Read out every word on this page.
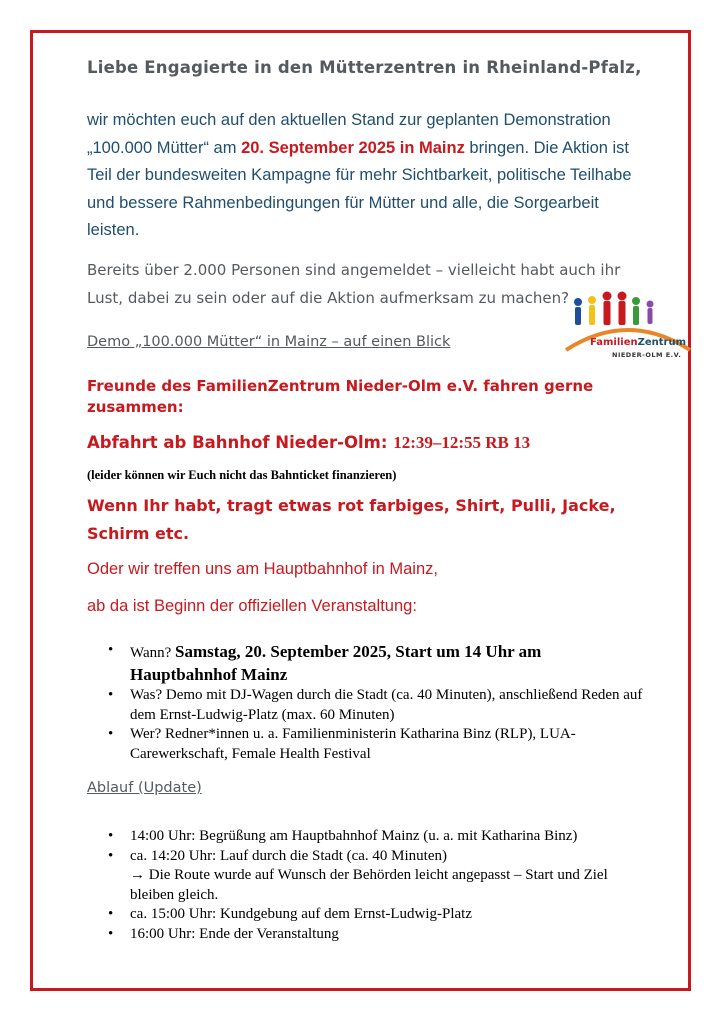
Liebe Engagierte in den Mütterzentren in Rheinland-Pfalz,
wir möchten euch auf den aktuellen Stand zur geplanten Demonstration „100.000 Mütter“ am 20. September 2025 in Mainz bringen. Die Aktion ist Teil der bundesweiten Kampagne für mehr Sichtbarkeit, politische Teilhabe und bessere Rahmenbedingungen für Mütter und alle, die Sorgearbeit leisten.
Bereits über 2.000 Personen sind angemeldet – vielleicht habt auch ihr Lust, dabei zu sein oder auf die Aktion aufmerksam zu machen?
Demo „100.000 Mütter“ in Mainz – auf einen Blick	FamilienZentrum
NIEDER-OLM E.V.
Freunde des FamilienZentrum Nieder-Olm e.V. fahren gerne zusammen:
Abfahrt ab Bahnhof Nieder-Olm: 12:39–12:55 RB 13
(leider können wir Euch nicht das Bahnticket finanzieren)
Wenn Ihr habt, tragt etwas rot farbiges, Shirt, Pulli, Jacke, Schirm etc.
Oder wir treffen uns am Hauptbahnhof in Mainz,
ab da ist Beginn der offiziellen Veranstaltung:
• Wann? Samstag, 20. September 2025, Start um 14 Uhr am Hauptbahnhof Mainz
• Was? Demo mit DJ-Wagen durch die Stadt (ca. 40 Minuten), anschließend Reden auf dem Ernst-Ludwig-Platz (max. 60 Minuten)
• Wer? Redner*innen u. a. Familienministerin Katharina Binz (RLP), LUA-Carewerkschaft, Female Health Festival
Ablauf (Update)
• 14:00 Uhr: Begrüßung am Hauptbahnhof Mainz (u. a. mit Katharina Binz)
• ca. 14:20 Uhr: Lauf durch die Stadt (ca. 40 Minuten)
→ Die Route wurde auf Wunsch der Behörden leicht angepasst – Start und Ziel bleiben gleich.
• ca. 15:00 Uhr: Kundgebung auf dem Ernst-Ludwig-Platz
• 16:00 Uhr: Ende der Veranstaltung
